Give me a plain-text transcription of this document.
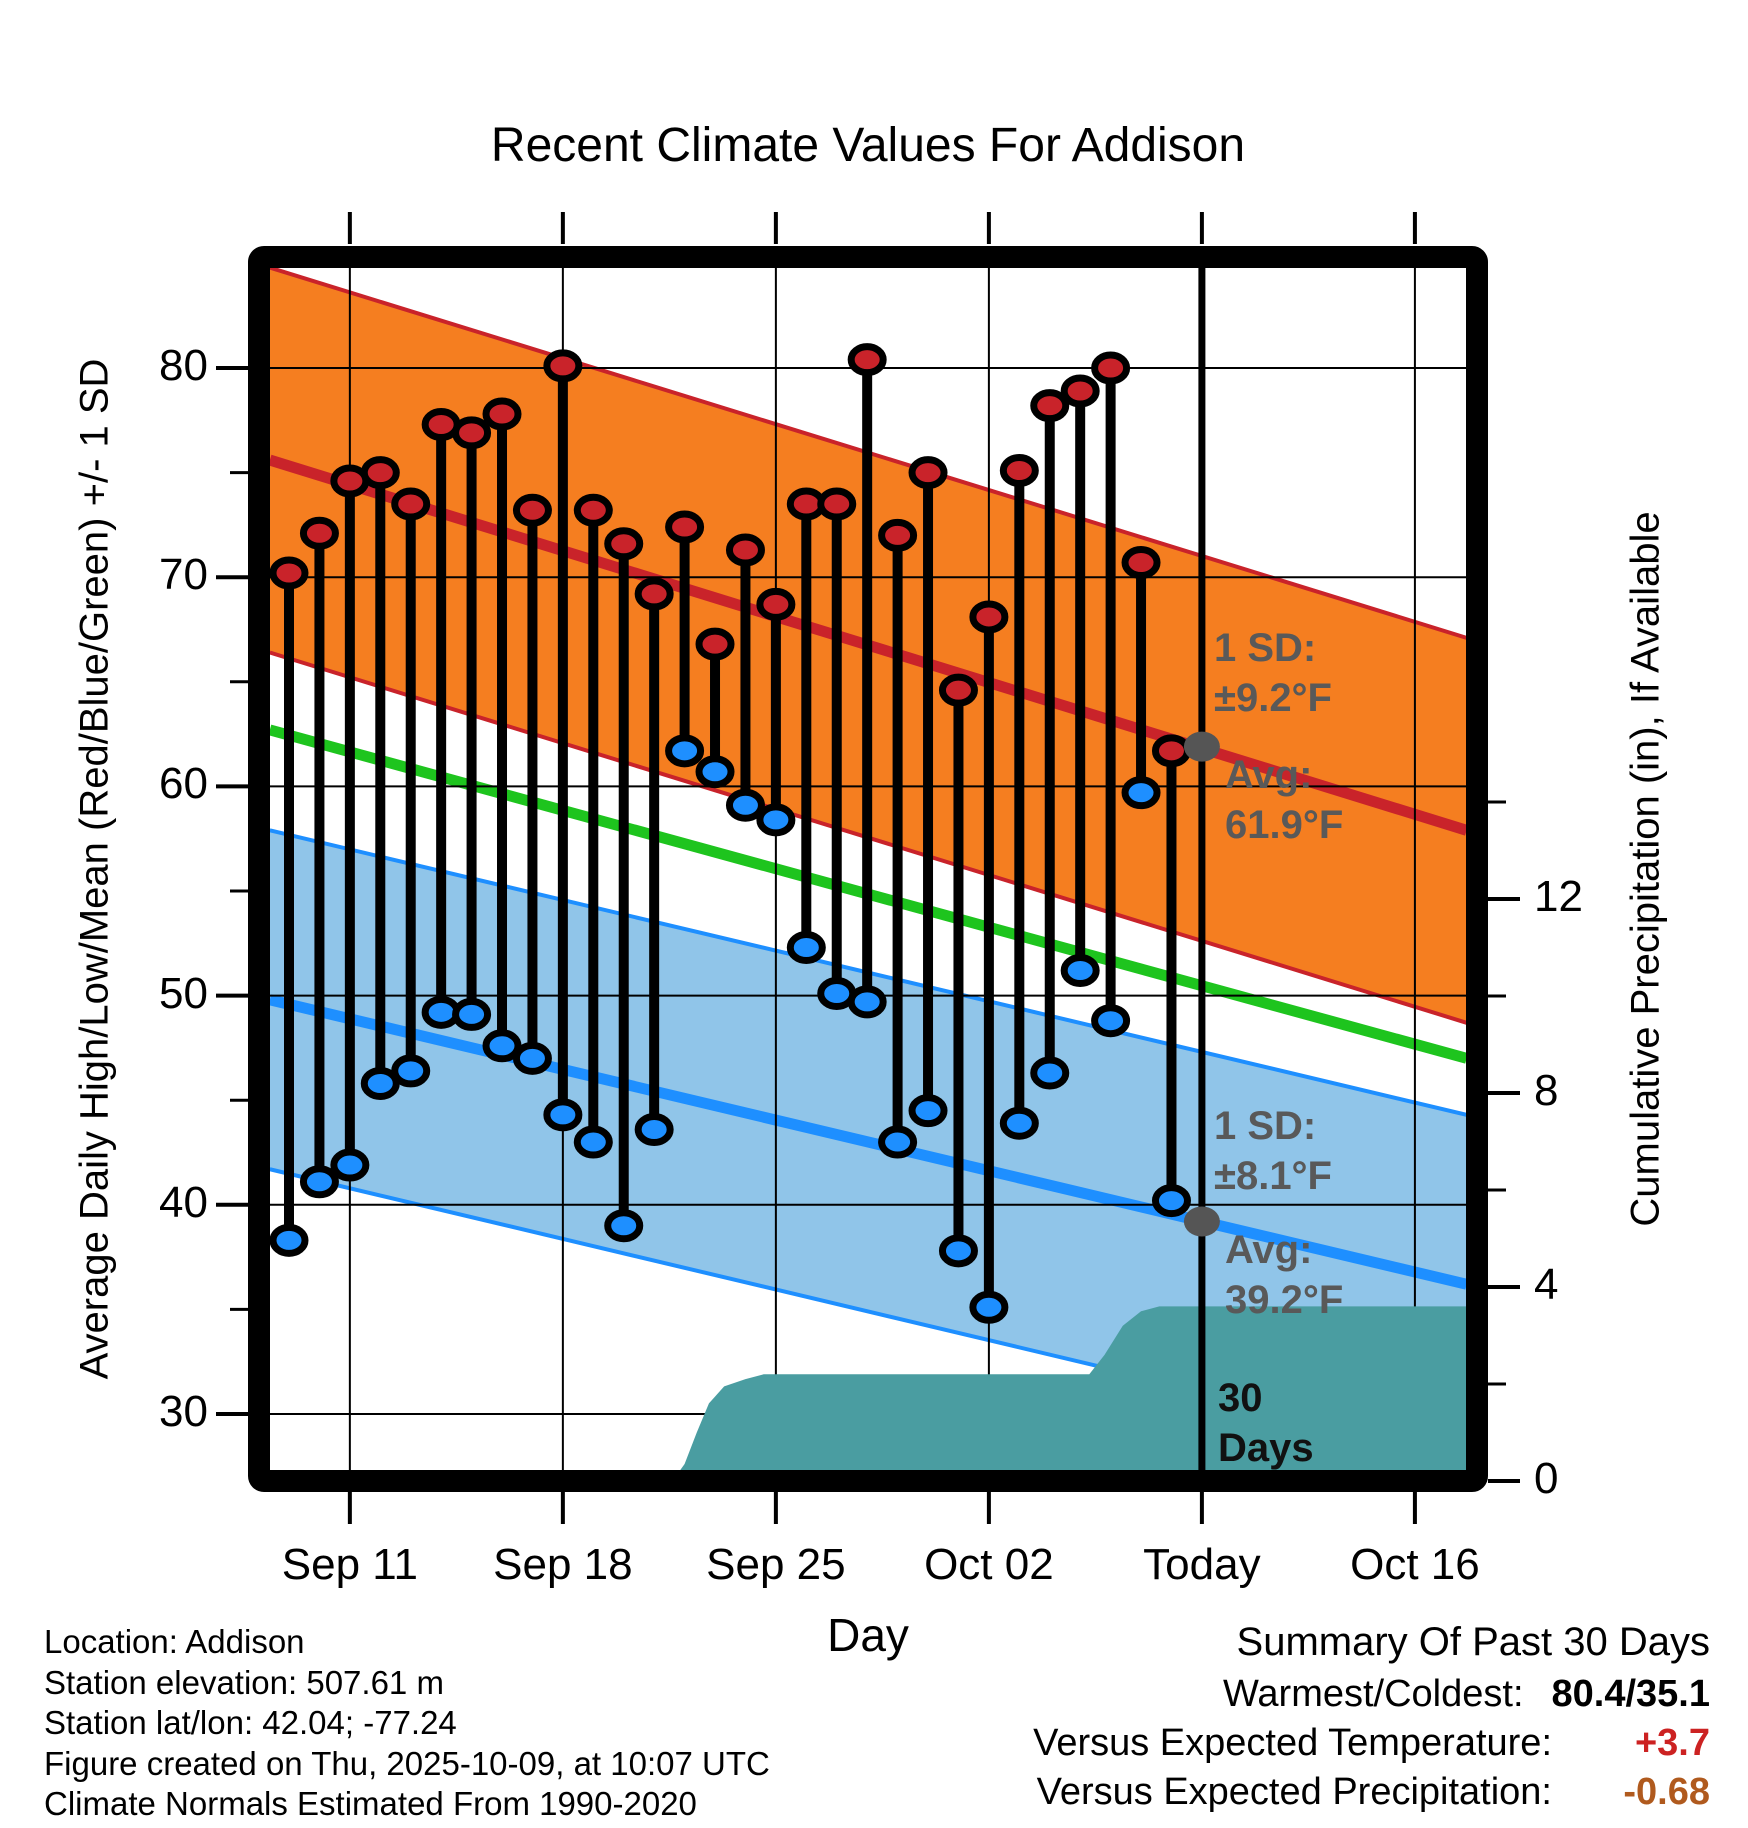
Recent Climate Values For Addison
Average Daily High/Low/Mean (Red/Blue/Green) +/- 1 SD	Cumulative Precipitation (in), If Available
Day
80
70
60
50
40
30
12
8
4
0
Sep 11	Sep 18	Sep 25	Oct 02	Today	Oct 16
1 SD:
±9.2°F
Avg:
61.9°F
1 SD:
±8.1°F
Avg:
39.2°F
30
Days
Location: Addison
Station elevation: 507.61 m
Station lat/lon: 42.04; -77.24
Figure created on Thu, 2025-10-09, at 10:07 UTC
Climate Normals Estimated From 1990-2020
Summary Of Past 30 Days
Warmest/Coldest: 80.4/35.1
Versus Expected Temperature:	+3.7
Versus Expected Precipitation:	-0.68
